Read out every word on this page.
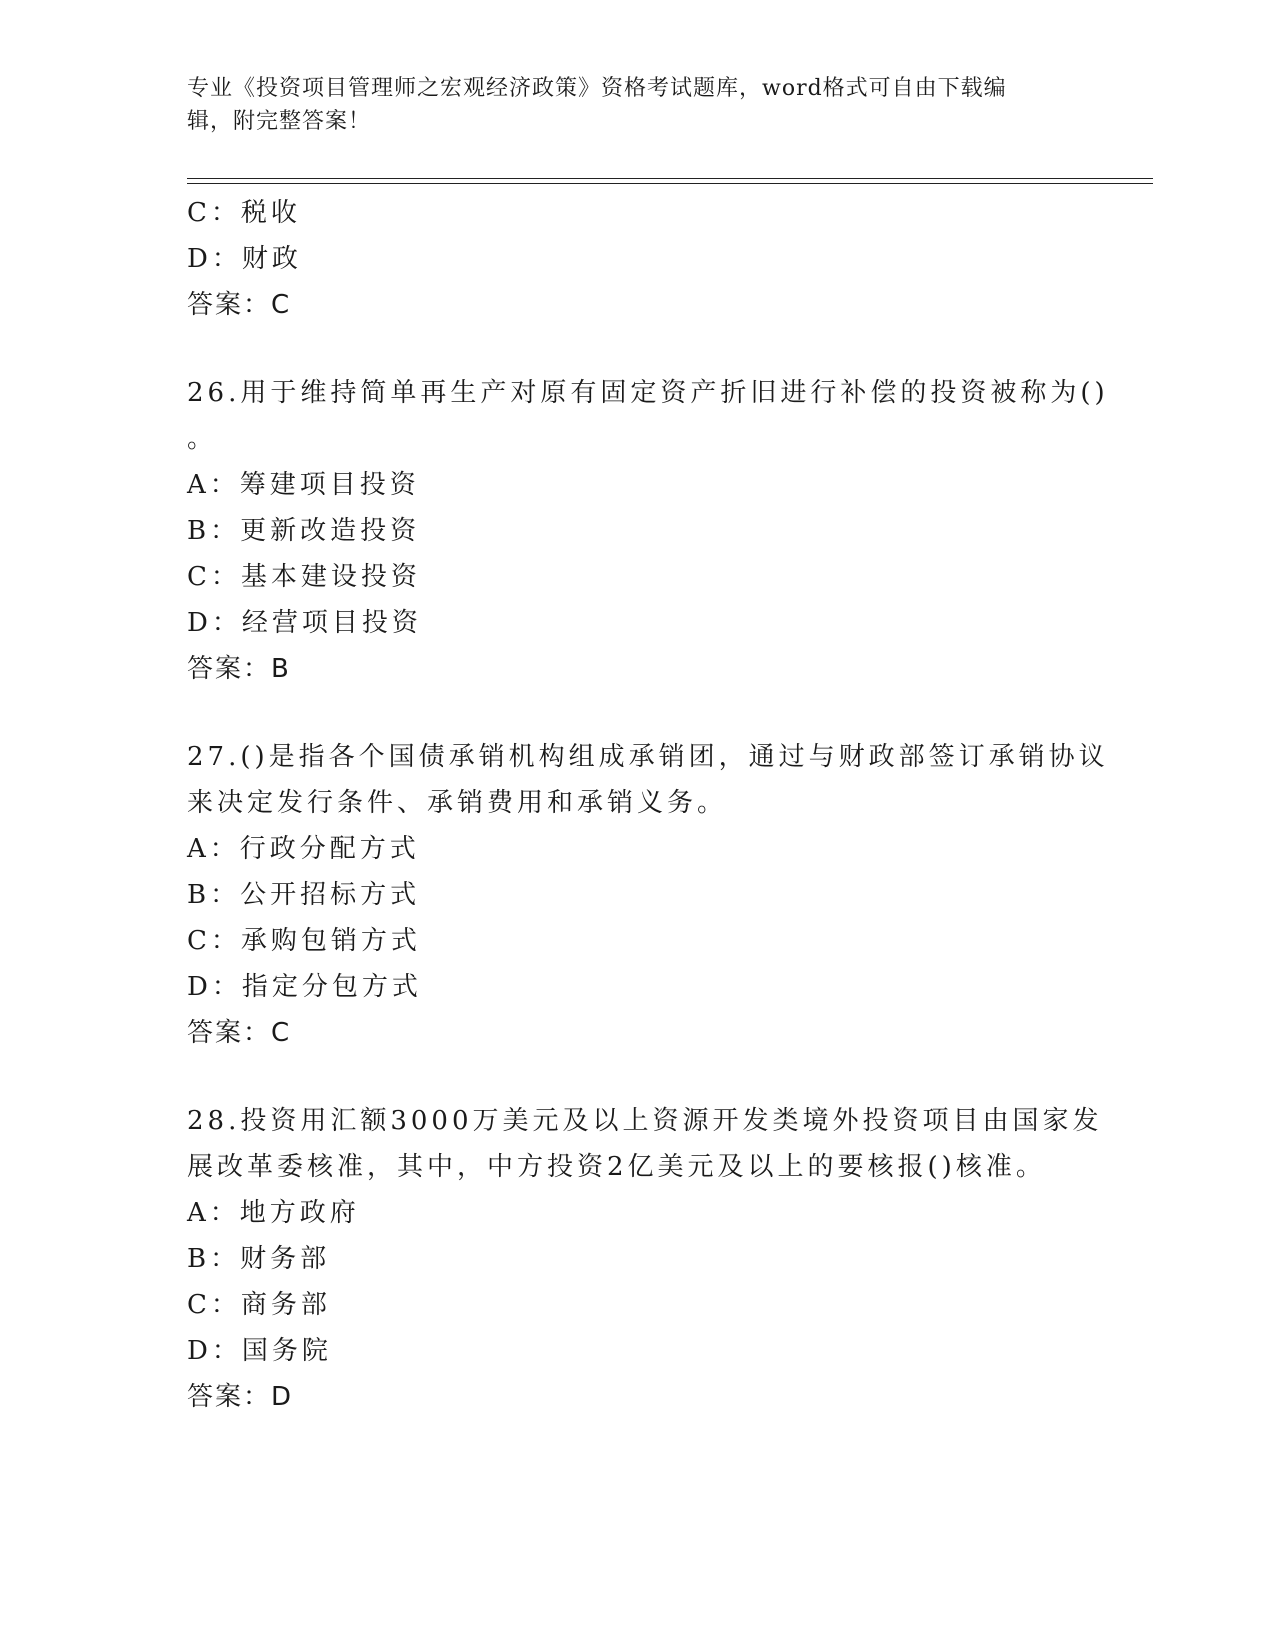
专业《投资项目管理师之宏观经济政策》资格考试题库，word格式可自由下载编
辑，附完整答案！
C：税收
D：财政
答案：C
26.用于维持简单再生产对原有固定资产折旧进行补偿的投资被称为()
。
A：筹建项目投资
B：更新改造投资
C：基本建设投资
D：经营项目投资
答案：B
27.()是指各个国债承销机构组成承销团，通过与财政部签订承销协议
来决定发行条件、承销费用和承销义务。
A：行政分配方式
B：公开招标方式
C：承购包销方式
D：指定分包方式
答案：C
28.投资用汇额3000万美元及以上资源开发类境外投资项目由国家发
展改革委核准，其中，中方投资2亿美元及以上的要核报()核准。
A：地方政府
B：财务部
C：商务部
D：国务院
答案：D
